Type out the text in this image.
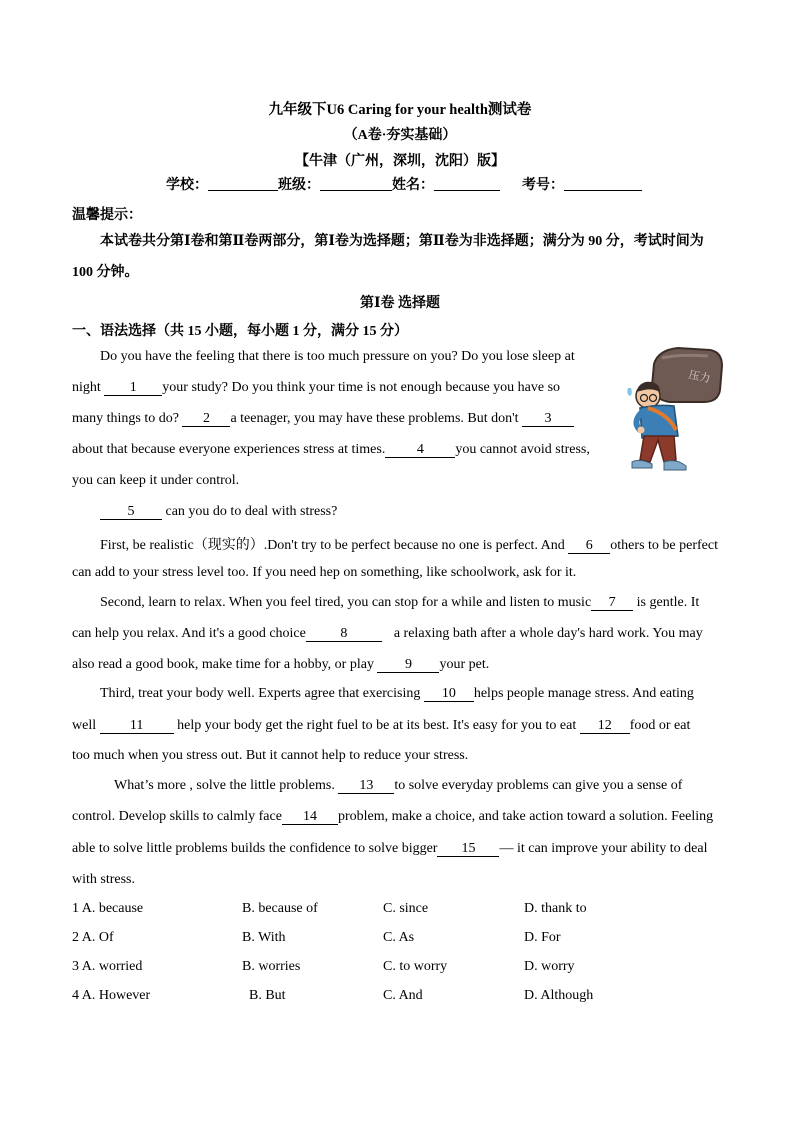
九年级下U6 Caring for your health测试卷
（A卷·夯实基础）
【牛津（广州，深圳，沈阳）版】
学校：	班级：	姓名：	考号：
温馨提示：
本试卷共分第Ⅰ卷和第Ⅱ卷两部分，第Ⅰ卷为选择题；第Ⅱ卷为非选择题；满分为 90 分，考试时间为
100 分钟。
第Ⅰ卷 选择题
一、语法选择（共 15 小题，每小题 1 分，满分 15 分）
Do you have the feeling that there is too much pressure on you? Do you lose sleep at
night 1 your study? Do you think your time is not enough because you have so
many things to do? 2 a teenager, you may have these problems. But don't 3
about that because everyone experiences stress at times. 4 you cannot avoid stress,
you can keep it under control.
5 can you do to deal with stress?
First, be realistic（现实的）.Don't try to be perfect because no one is perfect. And 6 others to be perfect
can add to your stress level too. If you need hep on something, like schoolwork, ask for it.
Second, learn to relax. When you feel tired, you can stop for a while and listen to music 7 is gentle. It
can help you relax. And it's a good choice 8	a relaxing bath after a whole day's hard work. You may
also read a good book, make time for a hobby, or play 9 your pet.
Third, treat your body well. Experts agree that exercising 10 helps people manage stress. And eating
well 11 help your body get the right fuel to be at its best. It's easy for you to eat 12 food or eat
too much when you stress out. But it cannot help to reduce your stress.
What’s more , solve the little problems. 13 to solve everyday problems can give you a sense of
control. Develop skills to calmly face 14 problem, make a choice, and take action toward a solution. Feeling
able to solve little problems builds the confidence to solve bigger 15 — it can improve your ability to deal
with stress.
1 A. because	B. because of	C. since	D. thank to
2 A. Of	B. With	C. As	D. For
3 A. worried	B. worries	C. to worry	D. worry
4 A. However	B. But	C. And	D. Although
压力
